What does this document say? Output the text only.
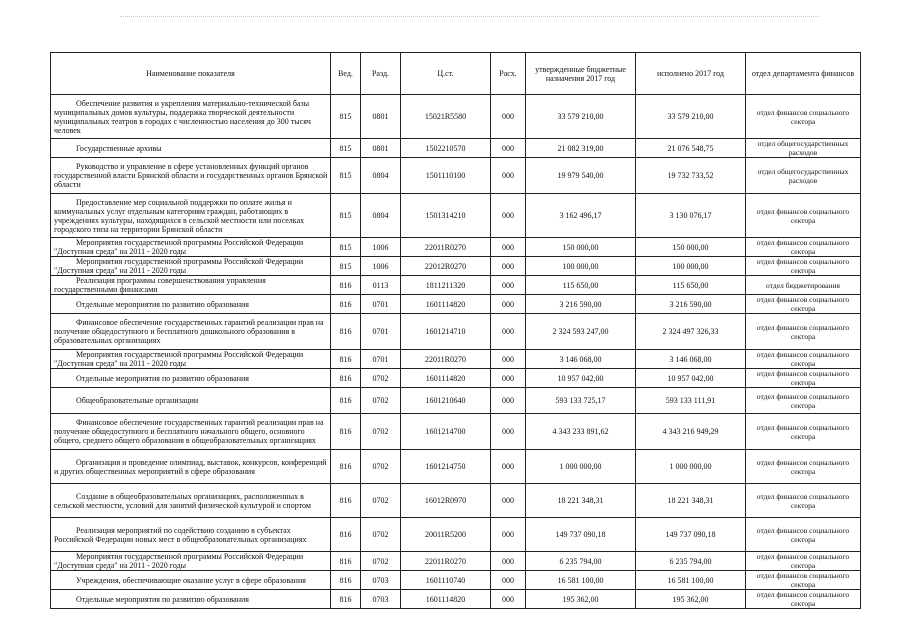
Наименование показателя	Вед.	Разд.	Ц.ст.	Расх.	утвержденные бюджетные назначения 2017 год	исполнено 2017 год	отдел департамента финансов
Обеспечение развития и укрепления материально-технической базы муниципальных домов культуры, поддержка творческой деятельности муниципальных театров в городах с численностью населения до 300 тысяч человек	815	0801	15021R5580	000	33 579 210,00	33 579 210,00	отдел финансов социального сектора
Государственные архивы	815	0801	1502210570	000	21 082 319,00	21 076 548,75	отдел общегосударственных расходов
Руководство и управление в сфере установленных функций органов государственной власти Брянской области и государственных органов Брянской области	815	0804	1501110100	000	19 979 540,00	19 732 733,52	отдел общегосударственных расходов
Предоставление мер социальной поддержки по оплате жилья и коммунальных услуг отдельным категориям граждан, работающих в учреждениях культуры, находящихся в сельской местности или поселках городского типа на территории Брянской области	815	0804	1501314210	000	3 162 496,17	3 130 076,17	отдел финансов социального сектора
Мероприятия государственной программы Российской Федерации "Доступная среда" на 2011 - 2020 годы	815	1006	22011R0270	000	150 000,00	150 000,00	отдел финансов социального сектора
Мероприятия государственной программы Российской Федерации "Доступная среда" на 2011 - 2020 годы	815	1006	22012R0270	000	100 000,00	100 000,00	отдел финансов социального сектора
Реализация программы совершенствования управления государственными финансами	816	0113	1811211320	000	115 650,00	115 650,00	отдел бюджетирования
Отдельные мероприятия по развитию образования	816	0701	1601114820	000	3 216 590,00	3 216 590,00	отдел финансов социального сектора
Финансовое обеспечение государственных гарантий реализации прав на получение общедоступного и бесплатного дошкольного образования в образовательных организациях	816	0701	1601214710	000	2 324 593 247,00	2 324 497 326,33	отдел финансов социального сектора
Мероприятия государственной программы Российской Федерации "Доступная среда" на 2011 - 2020 годы	816	0701	22011R0270	000	3 146 068,00	3 146 068,00	отдел финансов социального сектора
Отдельные мероприятия по развитию образования	816	0702	1601114820	000	10 957 042,00	10 957 042,00	отдел финансов социального сектора
Общеобразовательные организации	816	0702	1601210640	000	593 133 725,17	593 133 111,91	отдел финансов социального сектора
Финансовое обеспечение государственных гарантий реализации прав на получение общедоступного и бесплатного начального общего, основного общего, среднего общего образования в общеобразовательных организациях	816	0702	1601214700	000	4 343 233 891,62	4 343 216 949,29	отдел финансов социального сектора
Организация и проведение олимпиад, выставок, конкурсов, конференций и других общественных мероприятий в сфере образования	816	0702	1601214750	000	1 000 000,00	1 000 000,00	отдел финансов социального сектора
Создание в общеобразовательных организациях, расположенных в сельской местности, условий для занятий физической культурой и спортом	816	0702	16012R0970	000	18 221 348,31	18 221 348,31	отдел финансов социального сектора
Реализация мероприятий по содействию созданию в субъектах Российской Федерации новых мест в общеобразовательных организациях	816	0702	20011R5200	000	149 737 090,18	149 737 090,18	отдел финансов социального сектора
Мероприятия государственной программы Российской Федерации "Доступная среда" на 2011 - 2020 годы	816	0702	22011R0270	000	6 235 794,00	6 235 794,00	отдел финансов социального сектора
Учреждения, обеспечивающие оказание услуг в сфере образования	816	0703	1601110740	000	16 581 100,00	16 581 100,00	отдел финансов социального сектора
Отдельные мероприятия по развитию образования	816	0703	1601114820	000	195 362,00	195 362,00	отдел финансов социального сектора
